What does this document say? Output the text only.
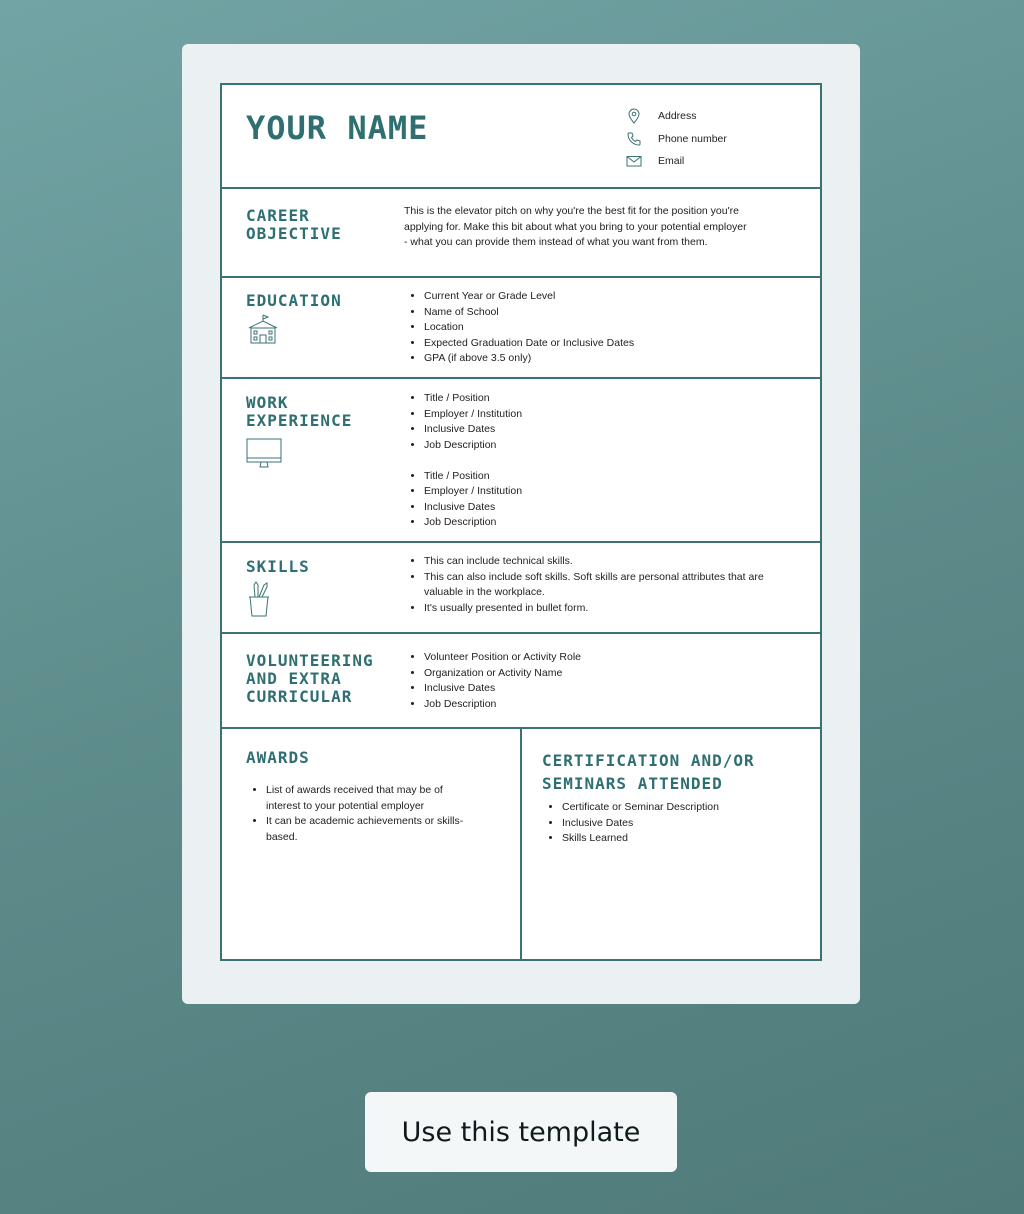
YOUR NAME	Address
Phone number
Email
CAREER
OBJECTIVE
This is the elevator pitch on why you're the best fit for the position you're
applying for. Make this bit about what you bring to your potential employer
- what you can provide them instead of what you want from them.
EDUCATION	• Current Year or Grade Level
• Name of School
• Location
• Expected Graduation Date or Inclusive Dates
• GPA (if above 3.5 only)
WORK
EXPERIENCE
• Title / Position
• Employer / Institution
• Inclusive Dates
• Job Description
• Title / Position
• Employer / Institution
• Inclusive Dates
• Job Description
SKILLS	• This can include technical skills.
• This can also include soft skills. Soft skills are personal attributes that are
valuable in the workplace.
• It's usually presented in bullet form.
VOLUNTEERING
AND EXTRA
CURRICULAR
• Volunteer Position or Activity Role
• Organization or Activity Name
• Inclusive Dates
• Job Description
AWARDS
• List of awards received that may be of
interest to your potential employer
• It can be academic achievements or skills-
based.
CERTIFICATION AND/OR
SEMINARS ATTENDED
• Certificate or Seminar Description
• Inclusive Dates
• Skills Learned
Use this template
